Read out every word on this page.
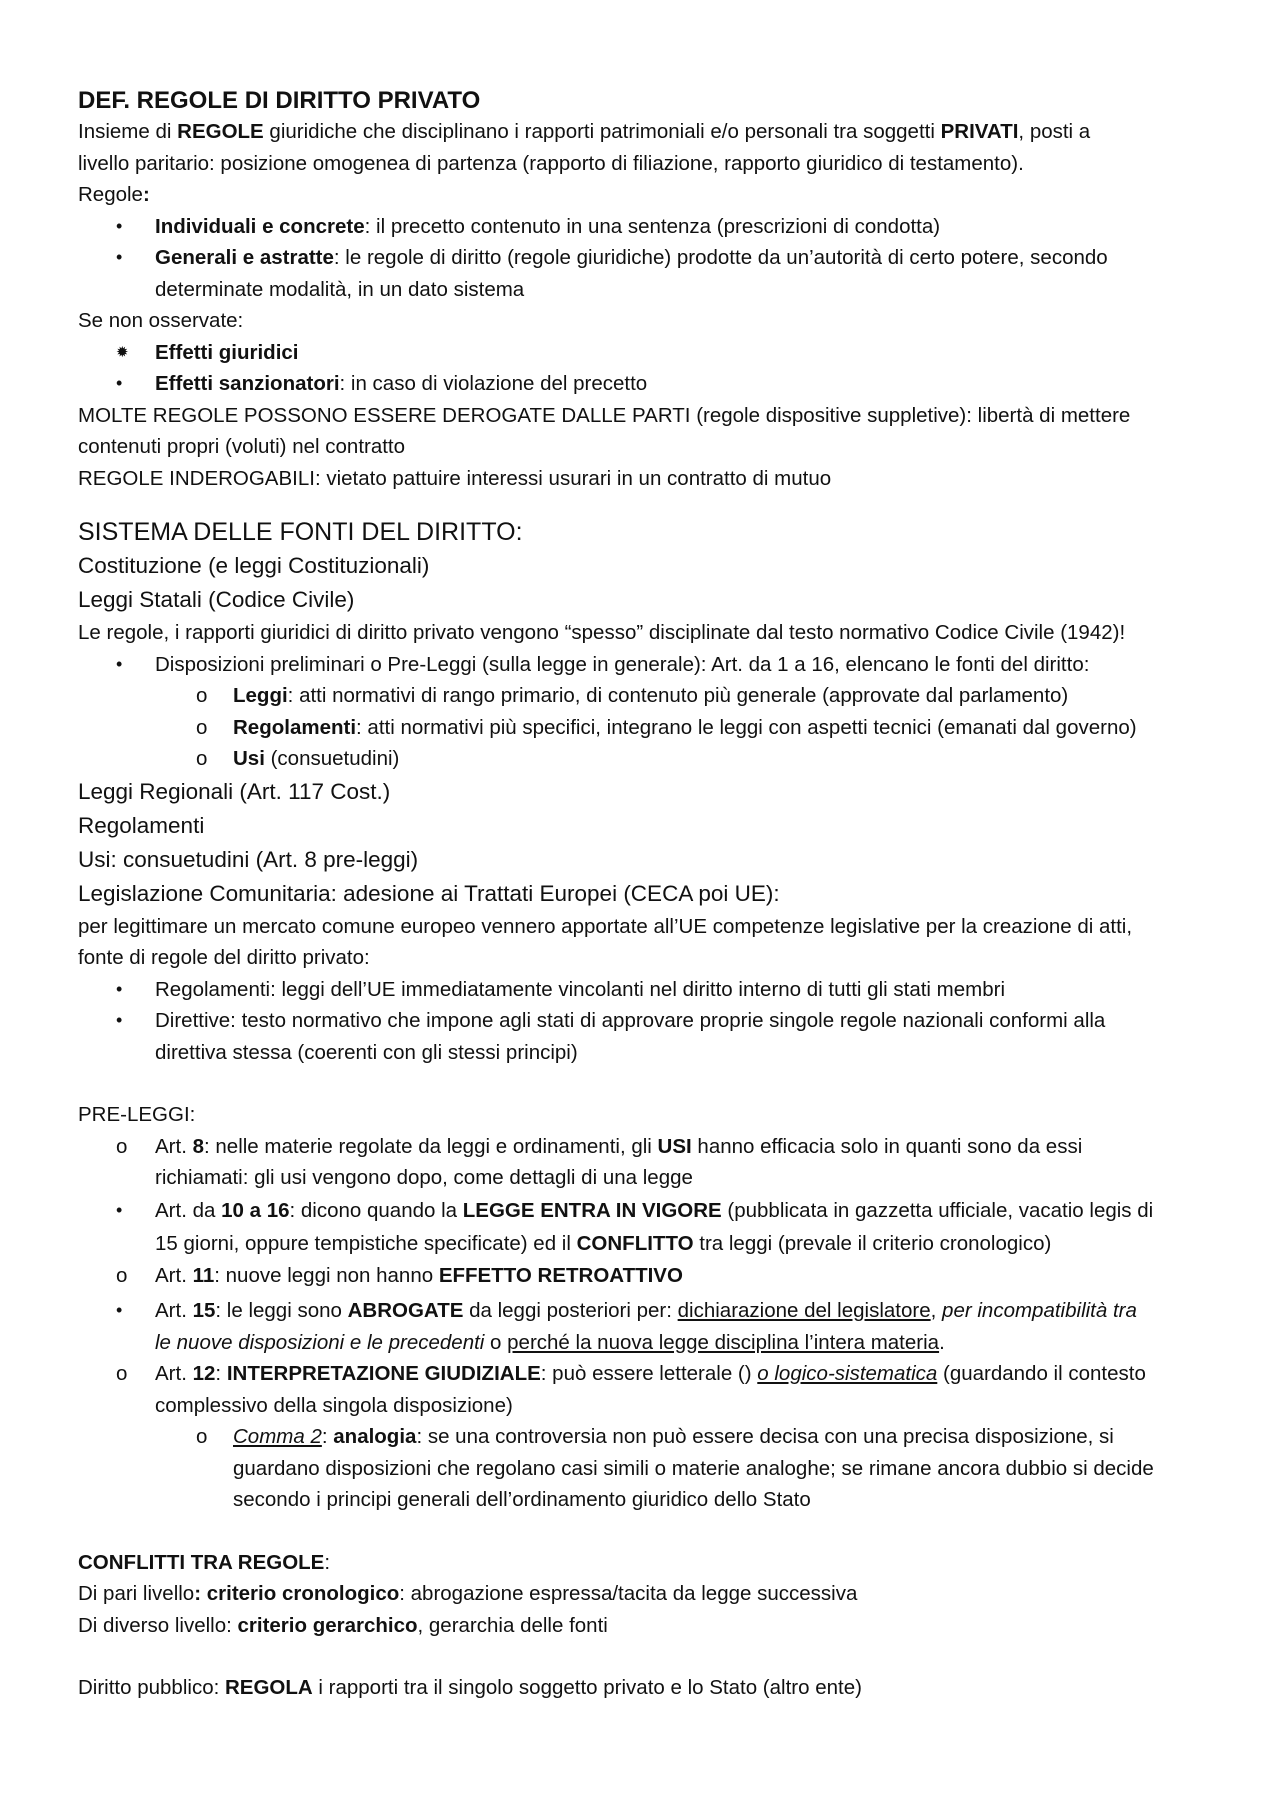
DEF. REGOLE DI DIRITTO PRIVATO

Insieme di REGOLE giuridiche che disciplinano i rapporti patrimoniali e/o personali tra soggetti PRIVATI, posti a

livello paritario: posizione omogenea di partenza (rapporto di filiazione, rapporto giuridico di testamento).

Regole:

• Individuali e concrete: il precetto contenuto in una sentenza (prescrizioni di condotta)
• Generali e astratte: le regole di diritto (regole giuridiche) prodotte da un’autorità di certo potere, secondo
determinate modalità, in un dato sistema

Se non osservate:

✹ Effetti giuridici
• Effetti sanzionatori: in caso di violazione del precetto

MOLTE REGOLE POSSONO ESSERE DEROGATE DALLE PARTI (regole dispositive suppletive): libertà di mettere

contenuti propri (voluti) nel contratto

REGOLE INDEROGABILI: vietato pattuire interessi usurari in un contratto di mutuo

SISTEMA DELLE FONTI DEL DIRITTO:

Costituzione (e leggi Costituzionali)

Leggi Statali (Codice Civile)

Le regole, i rapporti giuridici di diritto privato vengono “spesso” disciplinate dal testo normativo Codice Civile (1942)!

• Disposizioni preliminari o Pre-Leggi (sulla legge in generale): Art. da 1 a 16, elencano le fonti del diritto:
o Leggi: atti normativi di rango primario, di contenuto più generale (approvate dal parlamento)
o Regolamenti: atti normativi più specifici, integrano le leggi con aspetti tecnici (emanati dal governo)
o Usi (consuetudini)

Leggi Regionali (Art. 117 Cost.)

Regolamenti

Usi: consuetudini (Art. 8 pre-leggi)

Legislazione Comunitaria: adesione ai Trattati Europei (CECA poi UE):

per legittimare un mercato comune europeo vennero apportate all’UE competenze legislative per la creazione di atti,

fonte di regole del diritto privato:

• Regolamenti: leggi dell’UE immediatamente vincolanti nel diritto interno di tutti gli stati membri
• Direttive: testo normativo che impone agli stati di approvare proprie singole regole nazionali conformi alla
direttiva stessa (coerenti con gli stessi principi)

PRE-LEGGI:

o Art. 8: nelle materie regolate da leggi e ordinamenti, gli USI hanno efficacia solo in quanti sono da essi
richiamati: gli usi vengono dopo, come dettagli di una legge
• Art. da 10 a 16: dicono quando la LEGGE ENTRA IN VIGORE (pubblicata in gazzetta ufficiale, vacatio legis di
15 giorni, oppure tempistiche specificate) ed il CONFLITTO tra leggi (prevale il criterio cronologico)
o Art. 11: nuove leggi non hanno EFFETTO RETROATTIVO
• Art. 15: le leggi sono ABROGATE da leggi posteriori per: dichiarazione del legislatore, per incompatibilità tra
le nuove disposizioni e le precedenti o perché la nuova legge disciplina l’intera materia.
o Art. 12: INTERPRETAZIONE GIUDIZIALE: può essere letterale () o logico-sistematica (guardando il contesto
complessivo della singola disposizione)
o Comma 2: analogia: se una controversia non può essere decisa con una precisa disposizione, si
guardano disposizioni che regolano casi simili o materie analoghe; se rimane ancora dubbio si decide
secondo i principi generali dell’ordinamento giuridico dello Stato

CONFLITTI TRA REGOLE:

Di pari livello: criterio cronologico: abrogazione espressa/tacita da legge successiva

Di diverso livello: criterio gerarchico, gerarchia delle fonti

Diritto pubblico: REGOLA i rapporti tra il singolo soggetto privato e lo Stato (altro ente)
